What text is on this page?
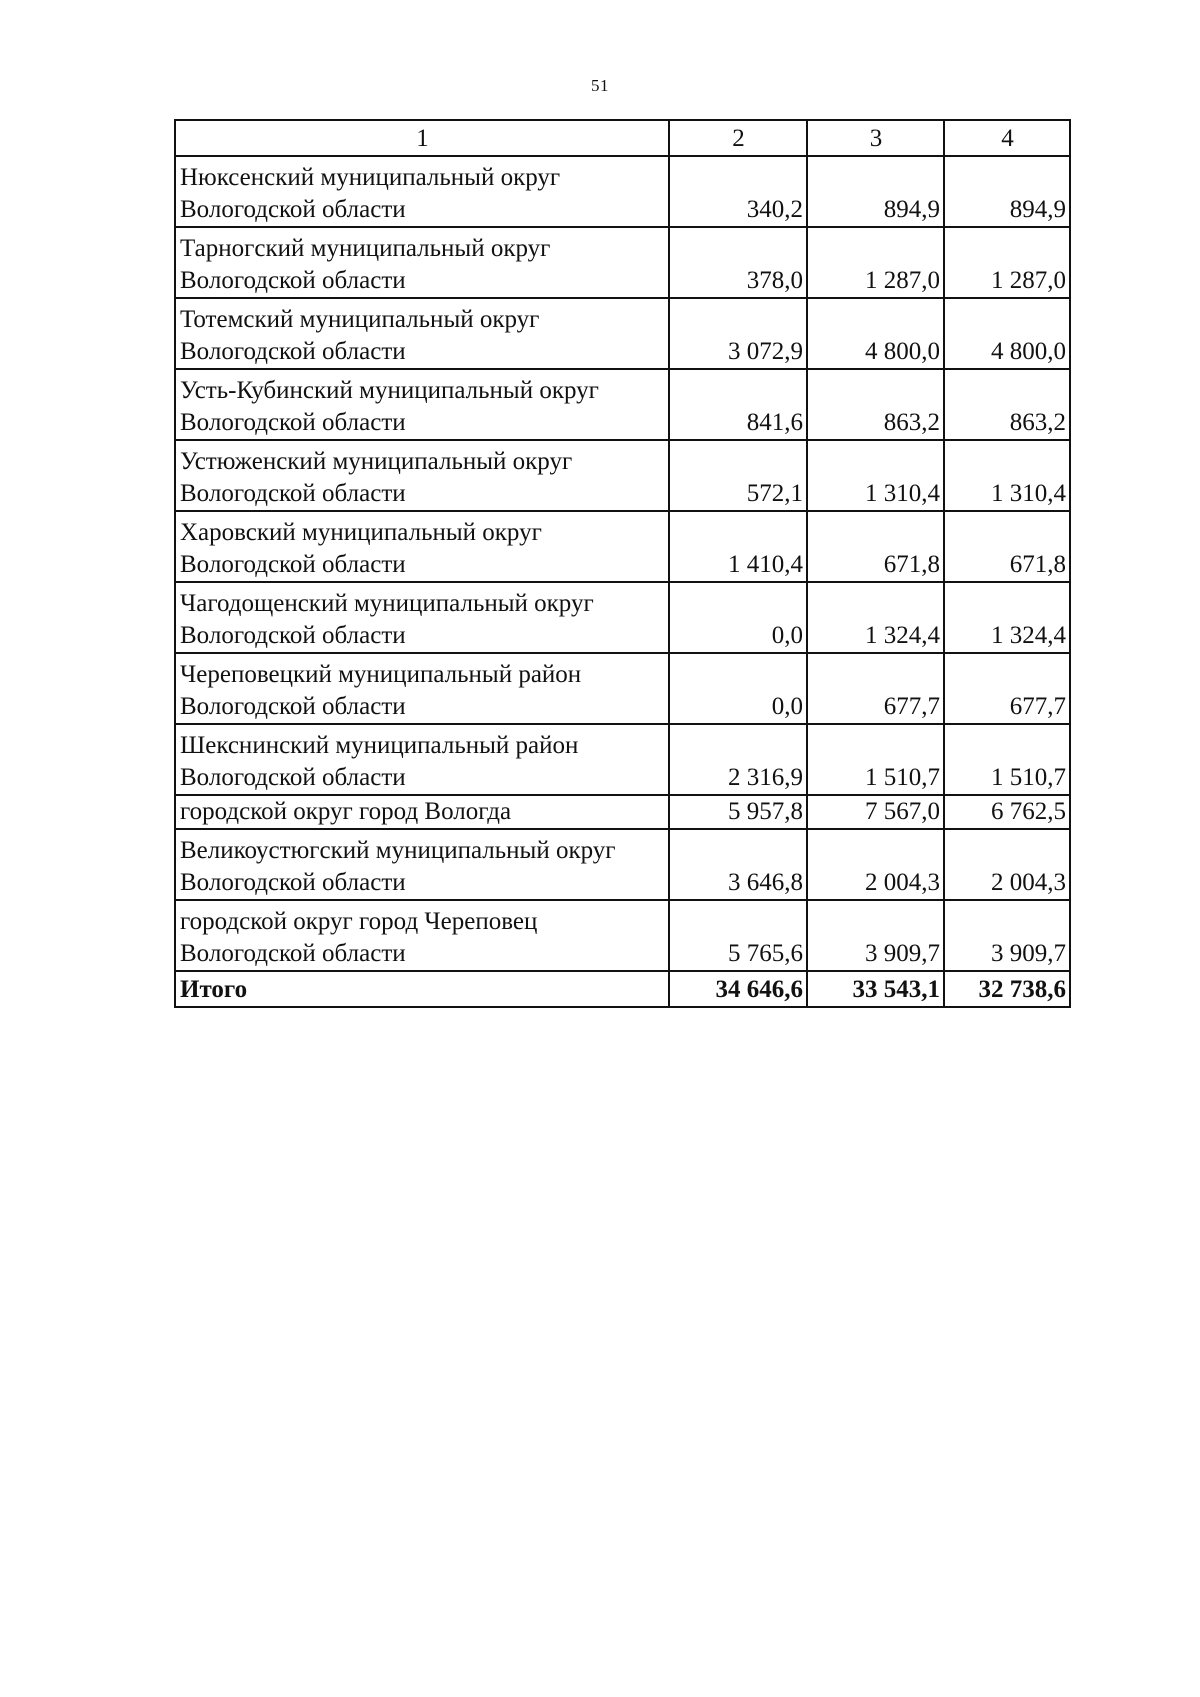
51
1	2	3	4

Нюксенский муниципальный округ
Вологодской области	340,2	894,9	894,9

Тарногский муниципальный округ
Вологодской области	378,0	1 287,0	1 287,0

Тотемский муниципальный округ
Вологодской области	3 072,9	4 800,0	4 800,0

Усть-Кубинский муниципальный округ
Вологодской области	841,6	863,2	863,2

Устюженский муниципальный округ
Вологодской области	572,1	1 310,4	1 310,4

Харовский муниципальный округ
Вологодской области	1 410,4	671,8	671,8

Чагодощенский муниципальный округ
Вологодской области	0,0	1 324,4	1 324,4

Череповецкий муниципальный район
Вологодской области	0,0	677,7	677,7

Шекснинский муниципальный район
Вологодской области	2 316,9	1 510,7	1 510,7
городской округ город Вологда	5 957,8	7 567,0	6 762,5

Великоустюгский муниципальный округ
Вологодской области	3 646,8	2 004,3	2 004,3

городской округ город Череповец
Вологодской области	5 765,6	3 909,7	3 909,7
Итого	34 646,6	33 543,1	32 738,6
